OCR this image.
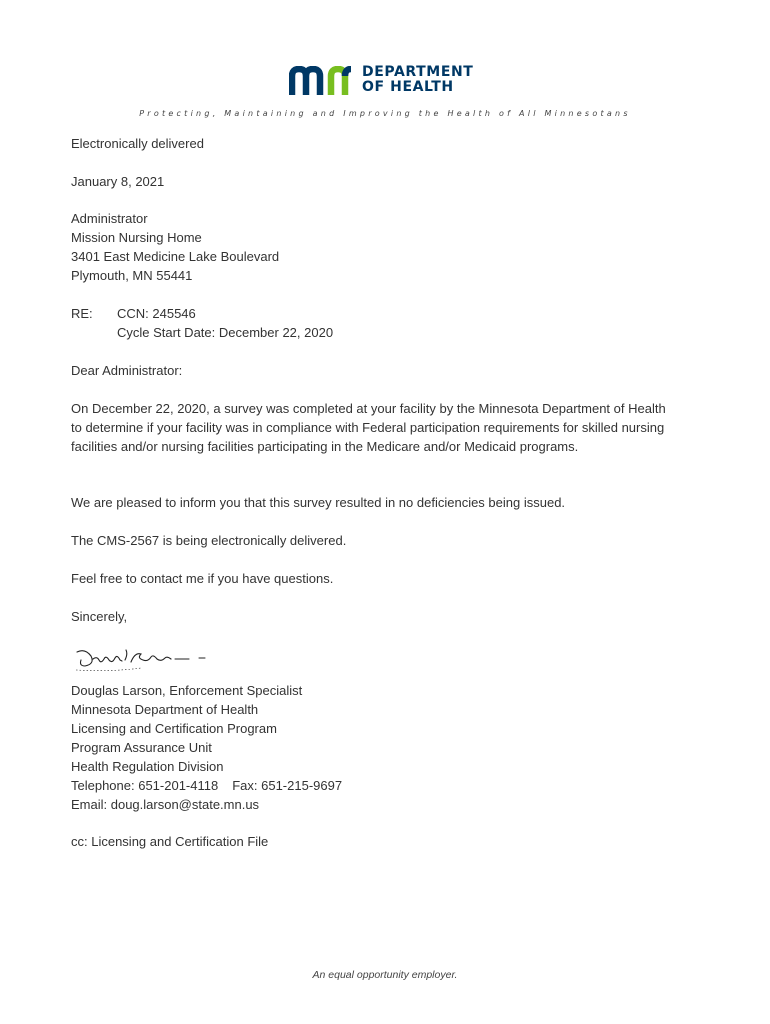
DEPARTMENT
OF HEALTH
Protecting, Maintaining and Improving the Health of All Minnesotans
Electronically delivered
January 8, 2021
Administrator
Mission Nursing Home
3401 East Medicine Lake Boulevard
Plymouth, MN 55441
RE: CCN: 245546
Cycle Start Date: December 22, 2020
Dear Administrator:
On December 22, 2020, a survey was completed at your facility by the Minnesota Department of Health to determine if your facility was in compliance with Federal participation requirements for skilled nursing facilities and/or nursing facilities participating in the Medicare and/or Medicaid programs.
We are pleased to inform you that this survey resulted in no deficiencies being issued.
The CMS-2567 is being electronically delivered.
Feel free to contact me if you have questions.
Sincerely,
Douglas Larson, Enforcement Specialist
Minnesota Department of Health
Licensing and Certification Program
Program Assurance Unit
Health Regulation Division
Telephone: 651-201-4118 Fax: 651-215-9697
Email: doug.larson@state.mn.us
cc: Licensing and Certification File
An equal opportunity employer.
